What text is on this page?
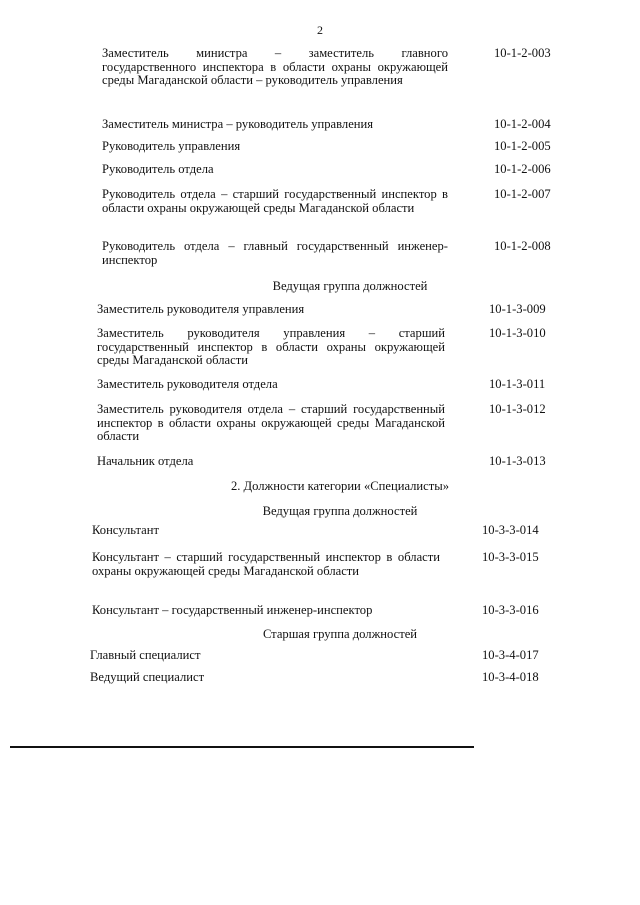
2
Заместитель министра – заместитель главного государственного инспектора в области охраны окружающей среды Магаданской области – руководитель управления
10-1-2-003
Заместитель министра – руководитель управления	10-1-2-004
Руководитель управления	10-1-2-005
Руководитель отдела	10-1-2-006
Руководитель отдела – старший государственный инспектор в области охраны окружающей среды Магаданской области
10-1-2-007
Руководитель отдела – главный государственный инженер-инспектор
10-1-2-008
Ведущая группа должностей
Заместитель руководителя управления	10-1-3-009
Заместитель руководителя управления – старший государственный инспектор в области охраны окружающей среды Магаданской области
10-1-3-010
Заместитель руководителя отдела	10-1-3-011
Заместитель руководителя отдела – старший государственный инспектор в области охраны окружающей среды Магаданской области
10-1-3-012
Начальник отдела	10-1-3-013
2. Должности категории «Специалисты»
Ведущая группа должностей
Консультант	10-3-3-014
Консультант – старший государственный инспектор в области охраны окружающей среды Магаданской области
10-3-3-015
Консультант – государственный инженер-инспектор	10-3-3-016
Старшая группа должностей
Главный специалист	10-3-4-017
Ведущий специалист	10-3-4-018
